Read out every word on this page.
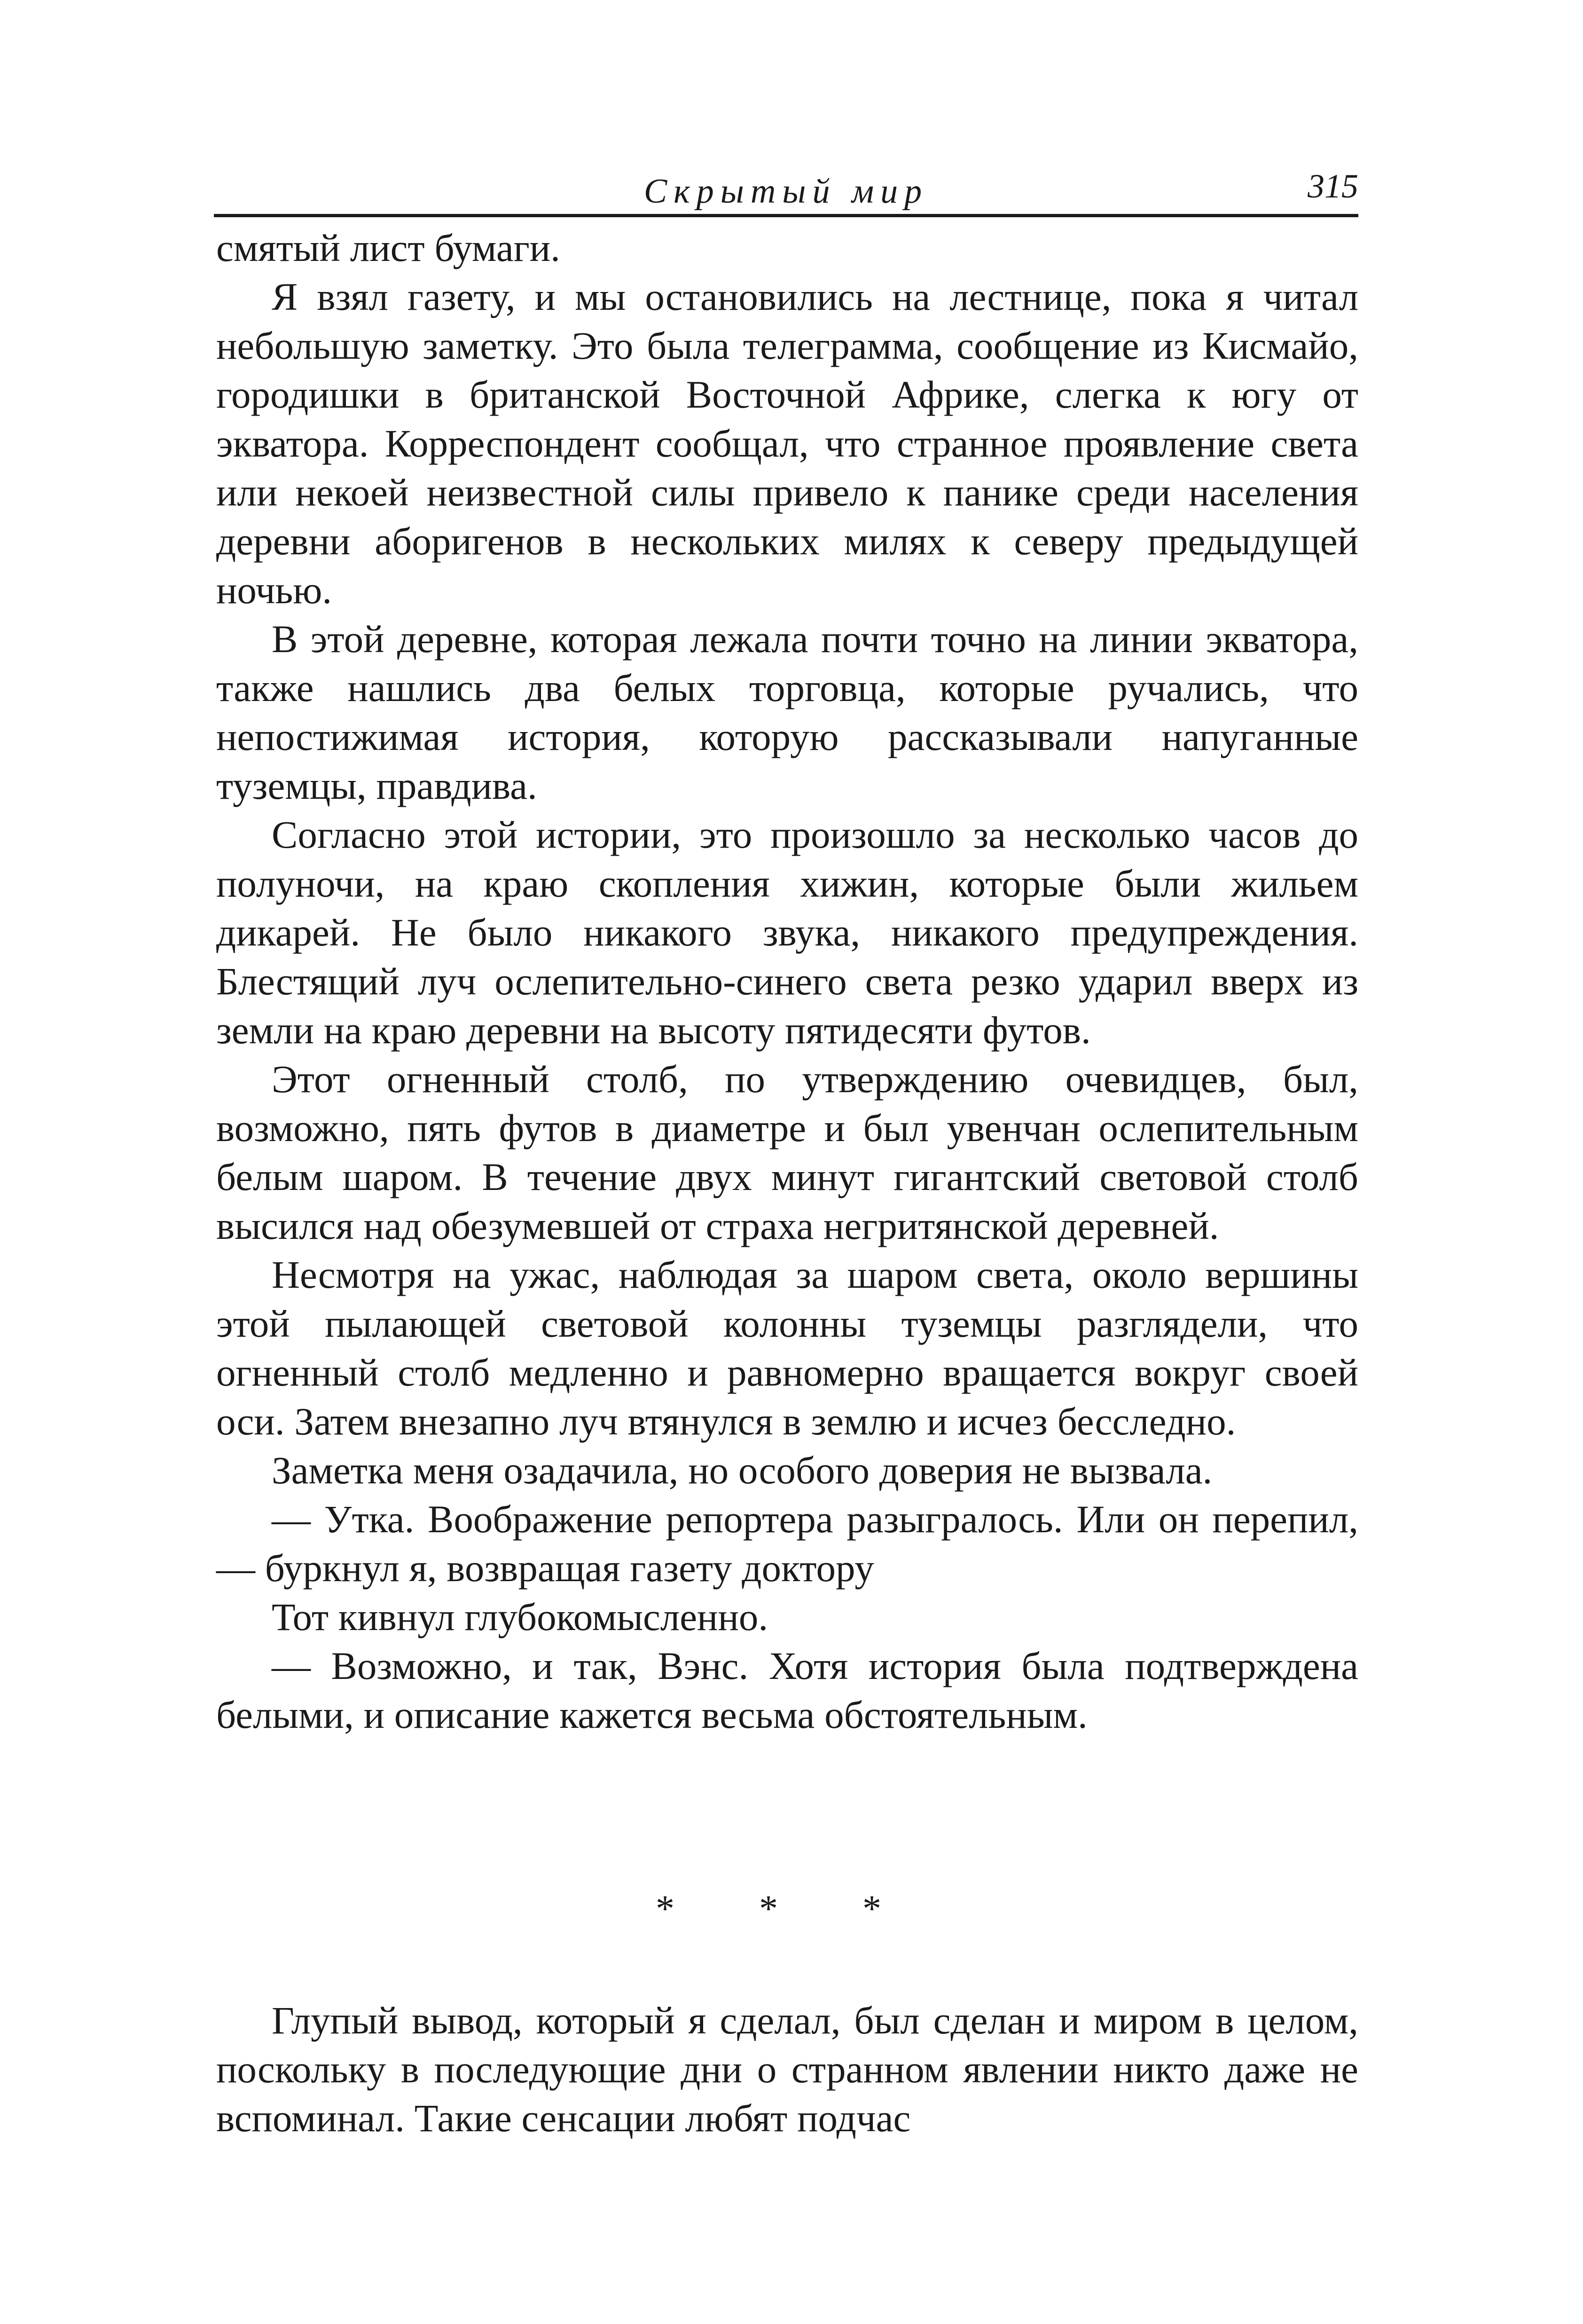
Скрытый мир	315

смятый лист бумаги.

Я взял газету, и мы остановились на лестнице, пока я читал небольшую заметку. Это была телеграмма, сообщение из Кисмайо, городишки в британской Восточной Африке, слегка к югу от экватора. Корреспондент сообщал, что странное проявление света или некоей неизвестной силы привело к панике среди населения деревни аборигенов в нескольких милях к северу предыдущей ночью.

В этой деревне, которая лежала почти точно на линии экватора, также нашлись два белых торговца, которые ручались, что непостижимая история, которую рассказывали напуганные туземцы, правдива.

Согласно этой истории, это произошло за несколько часов до полуночи, на краю скопления хижин, которые были жильем дикарей. Не было никакого звука, никакого предупреждения. Блестящий луч ослепительно-синего света резко ударил вверх из земли на краю деревни на высоту пятидесяти футов.

Этот огненный столб, по утверждению очевидцев, был, возможно, пять футов в диаметре и был увенчан ослепительным белым шаром. В течение двух минут гигантский световой столб высился над обезумевшей от страха негритянской деревней.

Несмотря на ужас, наблюдая за шаром света, около вершины этой пылающей световой колонны туземцы разглядели, что огненный столб медленно и равномерно вращается вокруг своей оси. Затем внезапно луч втянулся в землю и исчез бесследно.

Заметка меня озадачила, но особого доверия не вызвала.

— Утка. Воображение репортера разыгралось. Или он перепил, — буркнул я, возвращая газету доктору

Тот кивнул глубокомысленно.

— Возможно, и так, Вэнс. Хотя история была подтверждена белыми, и описание кажется весьма обстоятельным.

* * *

Глупый вывод, который я сделал, был сделан и миром в целом, поскольку в последующие дни о странном явлении никто даже не вспоминал. Такие сенсации любят подчас
